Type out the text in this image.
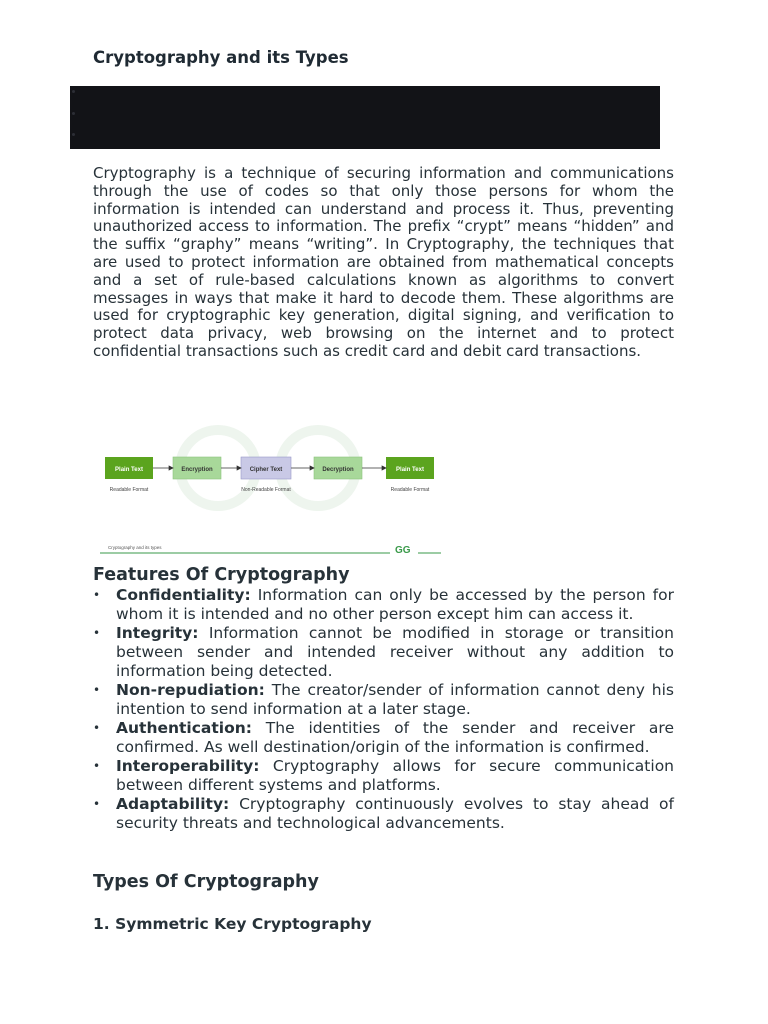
Cryptography and its Types

Cryptography is a technique of securing information and communications through the use of codes so that only those persons for whom the information is intended can understand and process it. Thus, preventing unauthorized access to information. The prefix “crypt” means “hidden” and the suffix “graphy” means “writing”. In Cryptography, the techniques that are used to protect information are obtained from mathematical concepts and a set of rule-based calculations known as algorithms to convert messages in ways that make it hard to decode them. These algorithms are used for cryptographic key generation, digital signing, and verification to protect data privacy, web browsing on the internet and to protect confidential transactions such as credit card and debit card transactions.

Plain Text	Encryption	Cipher Text	Decryption	Plain Text
Readable Format	Non-Readable Format	Readable Format
Cryptography and its types	GG
Features Of Cryptography
• Confidentiality: Information can only be accessed by the person for whom it is intended and no other person except him can access it.
• Integrity: Information cannot be modified in storage or transition between sender and intended receiver without any addition to information being detected.
• Non-repudiation: The creator/sender of information cannot deny his intention to send information at a later stage.
• Authentication: The identities of the sender and receiver are confirmed. As well destination/origin of the information is confirmed.
• Interoperability: Cryptography allows for secure communication between different systems and platforms.
• Adaptability: Cryptography continuously evolves to stay ahead of security threats and technological advancements.
Types Of Cryptography
1. Symmetric Key Cryptography
